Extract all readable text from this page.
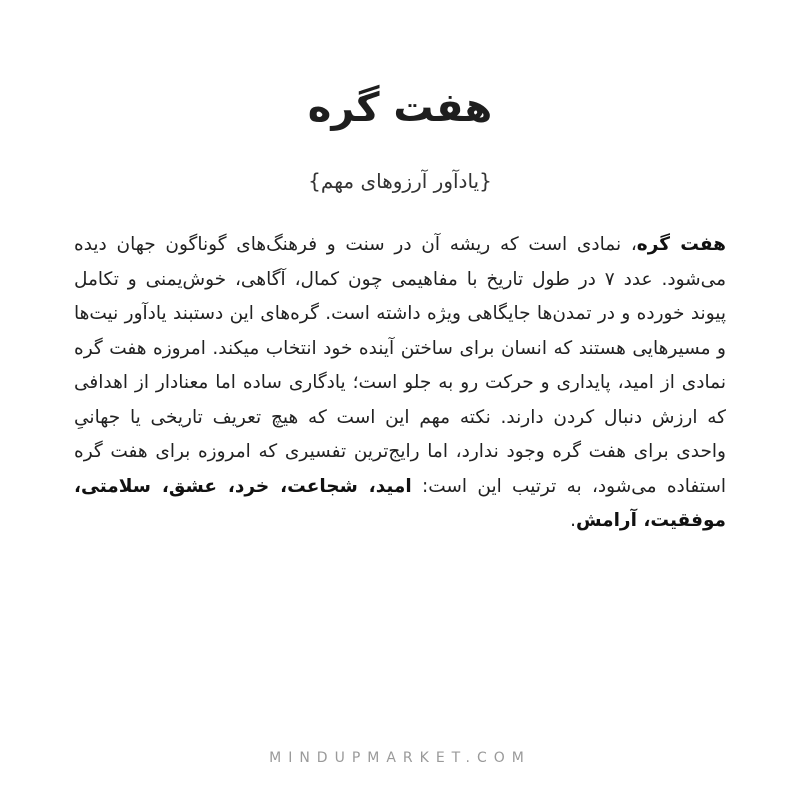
هفت گره
{یادآور آرزوهای مهم}

هفت گره، نمادی است که ریشه آن در سنت و فرهنگ‌های گوناگون جهان دیده می‌شود. عدد ۷ در طول تاریخ با مفاهیمی چون کمال، آگاهی، خوش‌یمنی و تکامل پیوند خورده و در تمدن‌ها جایگاهی ویژه داشته است. گره‌های این دستبند یادآور نیت‌ها و مسیرهایی هستند که انسان برای ساختن آینده خود انتخاب میکند. امروزه هفت گره نمادی از امید، پایداری و حرکت رو به جلو است؛ یادگاری ساده اما معنادار از اهدافی که ارزش دنبال کردن دارند. نکته مهم این است که هیچ تعریف تاریخی یا جهانیِ واحدی برای هفت گره وجود ندارد، اما رایج‌ترین تفسیری که امروزه برای هفت گره استفاده می‌شود، به ترتیب این است: امید، شجاعت، خرد، عشق، سلامتی، موفقیت، آرامش.

MINDUPMARKET.COM
